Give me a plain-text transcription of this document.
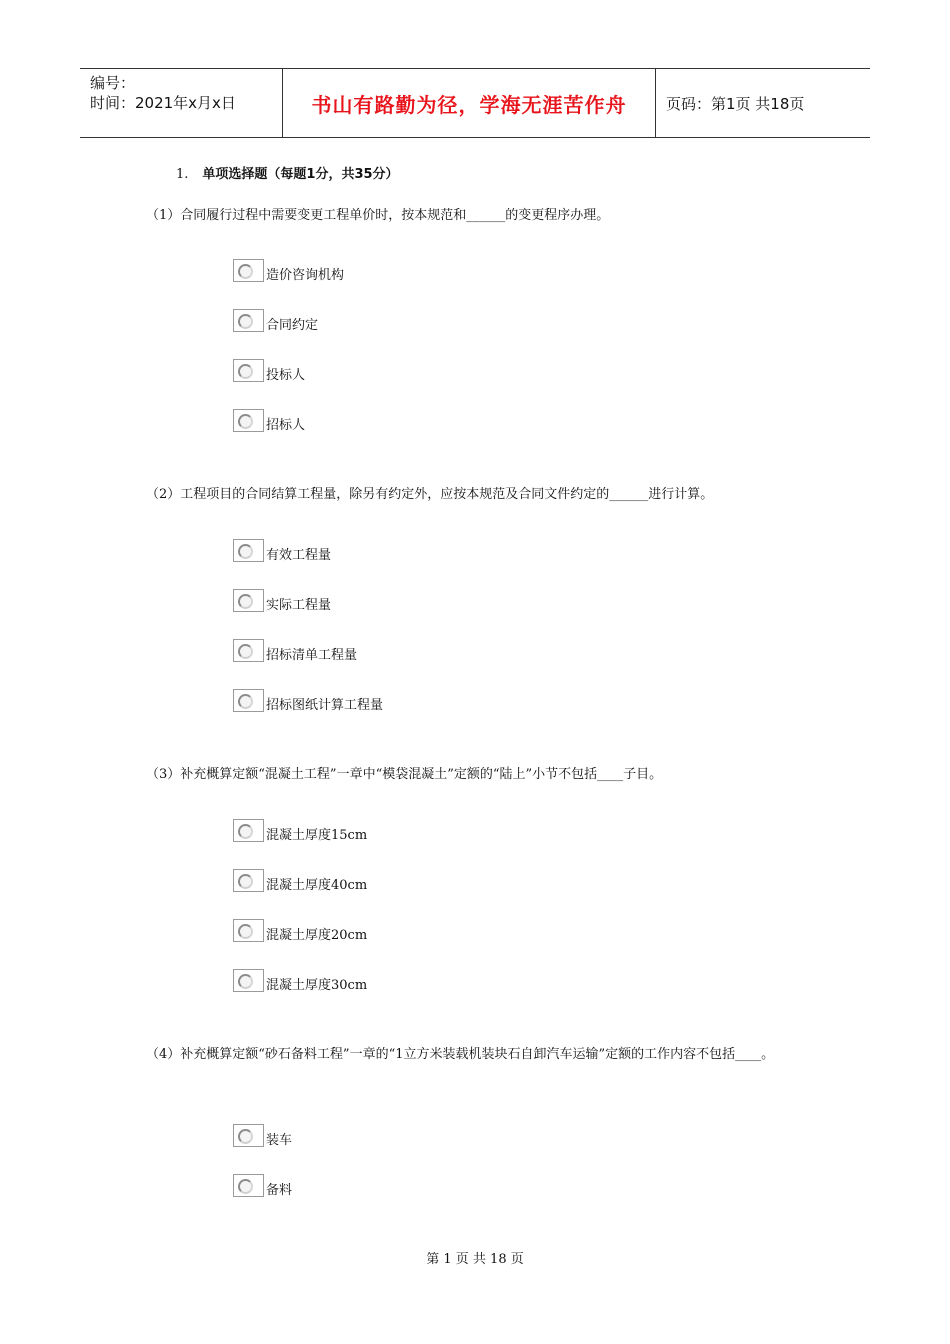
编号：
时间：2021年x月x日	书山有路勤为径，学海无涯苦作舟	页码：第1页 共18页
1. 单项选择题（每题1分，共35分）
（1）合同履行过程中需要变更工程单价时，按本规范和______的变更程序办理。
造价咨询机构
合同约定
投标人
招标人
（2）工程项目的合同结算工程量，除另有约定外，应按本规范及合同文件约定的______进行计算。
有效工程量
实际工程量
招标清单工程量
招标图纸计算工程量
（3）补充概算定额“混凝土工程”一章中“模袋混凝土”定额的“陆上”小节不包括____子目。
混凝土厚度15cm
混凝土厚度40cm
混凝土厚度20cm
混凝土厚度30cm
（4）补充概算定额“砂石备料工程”一章的“1立方米装载机装块石自卸汽车运输”定额的工作内容不包括____。
装车
备料
第 1 页 共 18 页
